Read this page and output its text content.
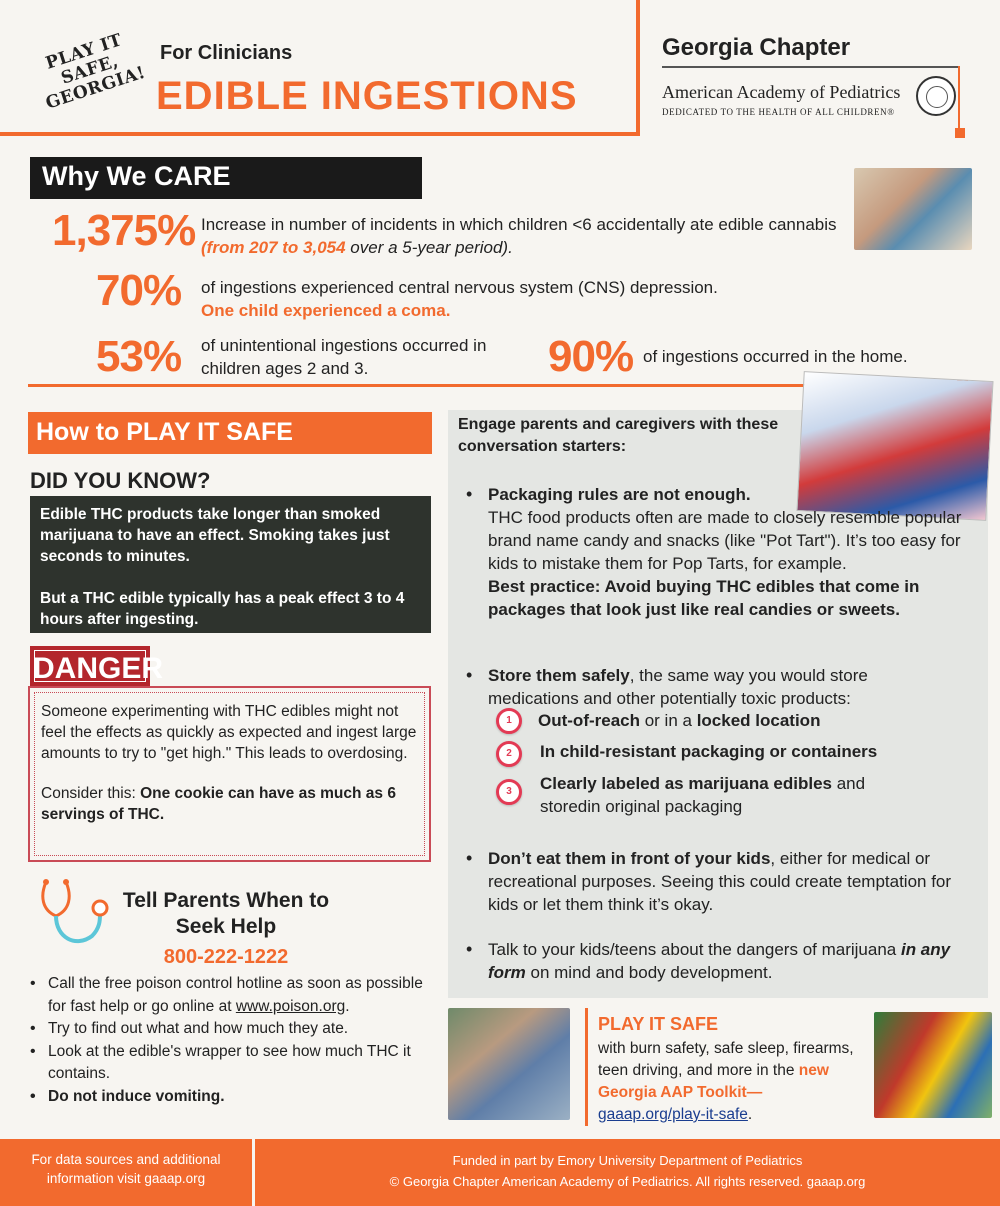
PLAY IT SAFE, GEORGIA!
For Clinicians
EDIBLE INGESTIONS
Georgia Chapter
American Academy of Pediatrics
DEDICATED TO THE HEALTH OF ALL CHILDREN®
Why We CARE
1,375% Increase in number of incidents in which children <6 accidentally ate edible cannabis (from 207 to 3,054 over a 5-year period).
70% of ingestions experienced central nervous system (CNS) depression. One child experienced a coma.
53% of unintentional ingestions occurred in children ages 2 and 3.	90% of ingestions occurred in the home.
How to PLAY IT SAFE
DID YOU KNOW?

Edible THC products take longer than smoked marijuana to have an effect. Smoking takes just seconds to minutes.

But a THC edible typically has a peak effect 3 to 4 hours after ingesting.

DANGER

Someone experimenting with THC edibles might not feel the effects as quickly as expected and ingest large amounts to try to "get high." This leads to overdosing.

Consider this: One cookie can have as much as 6 servings of THC.

Tell Parents When to Seek Help
800-222-1222
• Call the free poison control hotline as soon as possible for fast help or go online at www.poison.org.
• Try to find out what and how much they ate.
• Look at the edible's wrapper to see how much THC it contains.
• Do not induce vomiting.
Engage parents and caregivers with these conversation starters:
• Packaging rules are not enough.
THC food products often are made to closely resemble popular brand name candy and snacks (like "Pot Tart"). It’s too easy for kids to mistake them for Pop Tarts, for example.
Best practice: Avoid buying THC edibles that come in packages that look just like real candies or sweets.
• Store them safely, the same way you would store medications and other potentially toxic products:
1	Out-of-reach or in a locked location
2	In child-resistant packaging or containers
3	Clearly labeled as marijuana edibles and storedin original packaging
• Don’t eat them in front of your kids, either for medical or recreational purposes. Seeing this could create temptation for kids or let them think it’s okay.
• Talk to your kids/teens about the dangers of marijuana in any form on mind and body development.
PLAY IT SAFE
with burn safety, safe sleep, firearms, teen driving, and more in the new Georgia AAP Toolkit—
gaaap.org/play-it-safe.
For data sources and additional information visit gaaap.org
Funded in part by Emory University Department of Pediatrics
© Georgia Chapter American Academy of Pediatrics. All rights reserved. gaaap.org
